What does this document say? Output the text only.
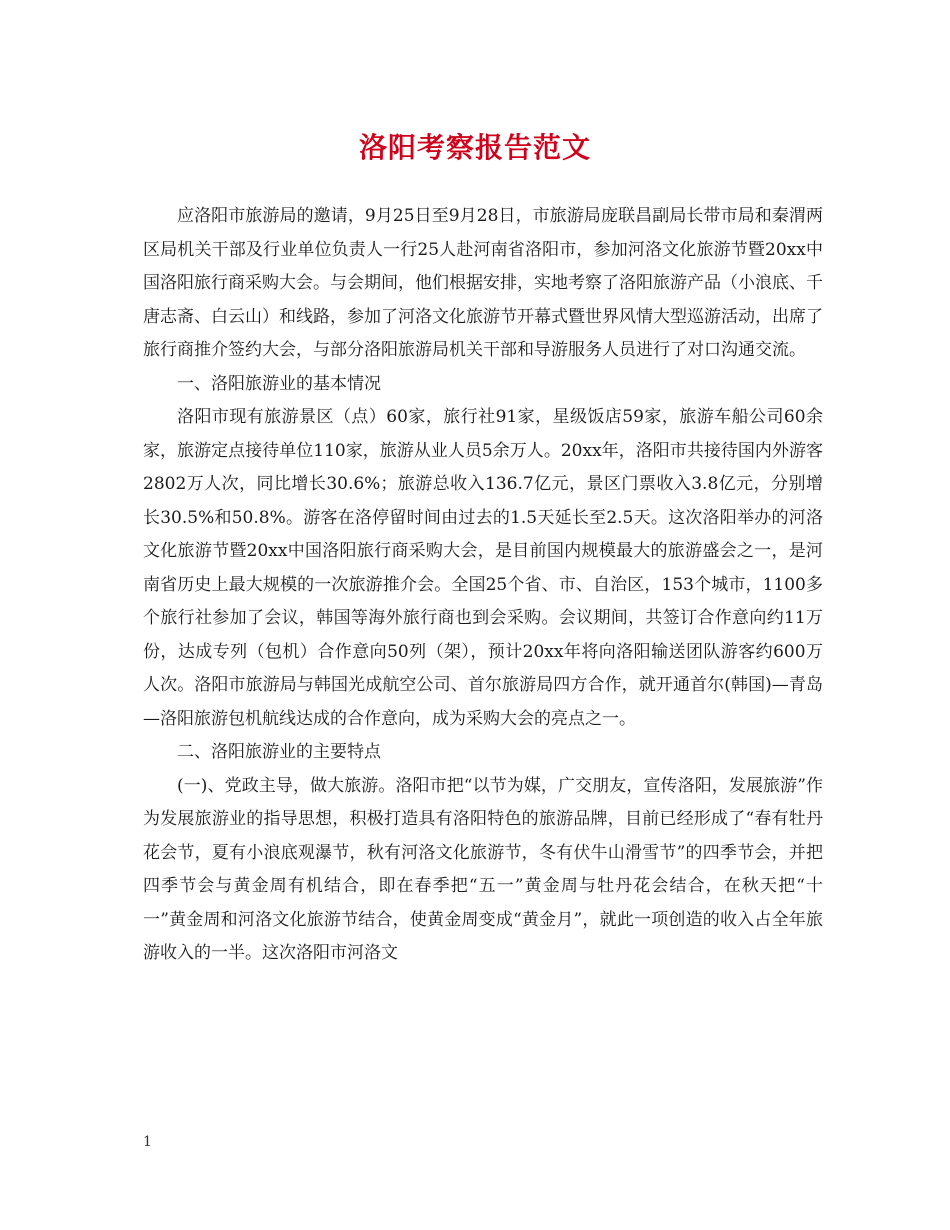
洛阳考察报告范文

应洛阳市旅游局的邀请，9月25日至9月28日，市旅游局庞联昌副局长带市局和秦渭两区局机关干部及行业单位负责人一行25人赴河南省洛阳市，参加河洛文化旅游节暨20xx中国洛阳旅行商采购大会。与会期间，他们根据安排，实地考察了洛阳旅游产品（小浪底、千唐志斋、白云山）和线路，参加了河洛文化旅游节开幕式暨世界风情大型巡游活动，出席了旅行商推介签约大会，与部分洛阳旅游局机关干部和导游服务人员进行了对口沟通交流。

一、洛阳旅游业的基本情况

洛阳市现有旅游景区（点）60家，旅行社91家，星级饭店59家，旅游车船公司60余家，旅游定点接待单位110家，旅游从业人员5余万人。20xx年，洛阳市共接待国内外游客2802万人次，同比增长30.6%；旅游总收入136.7亿元，景区门票收入3.8亿元，分别增长30.5%和50.8%。游客在洛停留时间由过去的1.5天延长至2.5天。这次洛阳举办的河洛文化旅游节暨20xx中国洛阳旅行商采购大会，是目前国内规模最大的旅游盛会之一，是河南省历史上最大规模的一次旅游推介会。全国25个省、市、自治区，153个城市，1100多个旅行社参加了会议，韩国等海外旅行商也到会采购。会议期间，共签订合作意向约11万份，达成专列（包机）合作意向50列（架），预计20xx年将向洛阳输送团队游客约600万人次。洛阳市旅游局与韩国光成航空公司、首尔旅游局四方合作，就开通首尔(韩国)—青岛—洛阳旅游包机航线达成的合作意向，成为采购大会的亮点之一。

二、洛阳旅游业的主要特点

(一)、党政主导，做大旅游。洛阳市把“以节为媒，广交朋友，宣传洛阳，发展旅游”作为发展旅游业的指导思想，积极打造具有洛阳特色的旅游品牌，目前已经形成了“春有牡丹花会节，夏有小浪底观瀑节，秋有河洛文化旅游节，冬有伏牛山滑雪节”的四季节会，并把四季节会与黄金周有机结合，即在春季把“五一”黄金周与牡丹花会结合，在秋天把“十一”黄金周和河洛文化旅游节结合，使黄金周变成“黄金月”，就此一项创造的收入占全年旅游收入的一半。这次洛阳市河洛文

1
